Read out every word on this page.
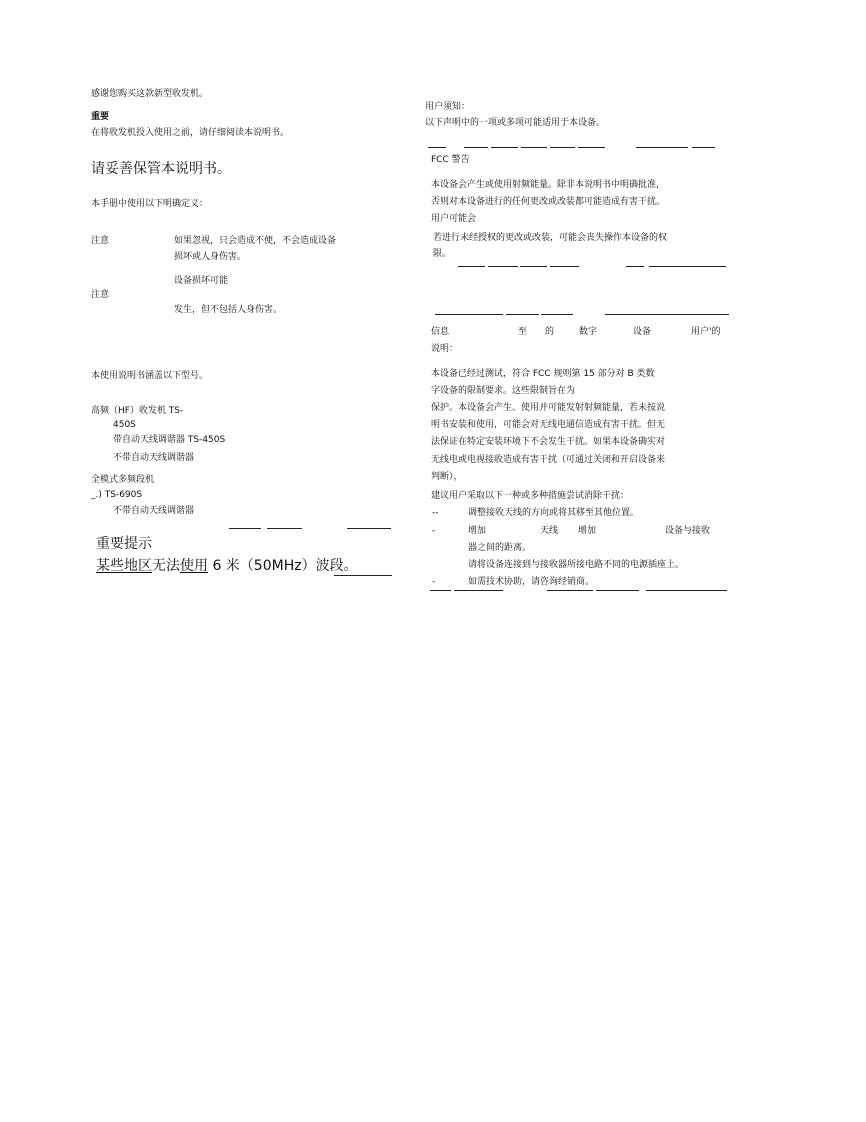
感谢您购买这款新型收发机。
重要
在将收发机投入使用之前，请仔细阅读本说明书。
请妥善保管本说明书。
本手册中使用以下明确定义：
注意	如果忽视，只会造成不便，不会造成设备
损坏或人身伤害。
设备损坏可能
注意
发生，但不包括人身伤害。
本使用说明书涵盖以下型号。
高频（HF）收发机 TS-
450S
带自动天线调谐器 TS-450S
不带自动天线调谐器
全模式多频段机
_.) TS-690S
不带自动天线调谐器
重要提示
某些地区无法使用 6 米（50MHz）波段。
用户须知：
以下声明中的一项或多项可能适用于本设备。
FCC 警告
本设备会产生或使用射频能量。除非本说明书中明确批准，
否则对本设备进行的任何更改或改装都可能造成有害干扰。
用户可能会
若进行未经授权的更改或改装，可能会丧失操作本设备的权
限。
信息	至 的	数字	设备	用户'的
说明：
本设备已经过测试，符合 FCC 规则第 15 部分对 B 类数
字设备的限制要求。这些限制旨在为
保护。本设备会产生、使用并可能发射射频能量，若未按说
明书安装和使用，可能会对无线电通信造成有害干扰。但无
法保证在特定安装环境下不会发生干扰。如果本设备确实对
无线电或电视接收造成有害干扰（可通过关闭和开启设备来
判断），
建议用户采取以下一种或多种措施尝试消除干扰：
--	调整接收天线的方向或将其移至其他位置。
-	增加	天线 增加	设备与接收
器之间的距离。
请将设备连接到与接收器所接电路不同的电源插座上。
-	如需技术协助，请咨询经销商。
